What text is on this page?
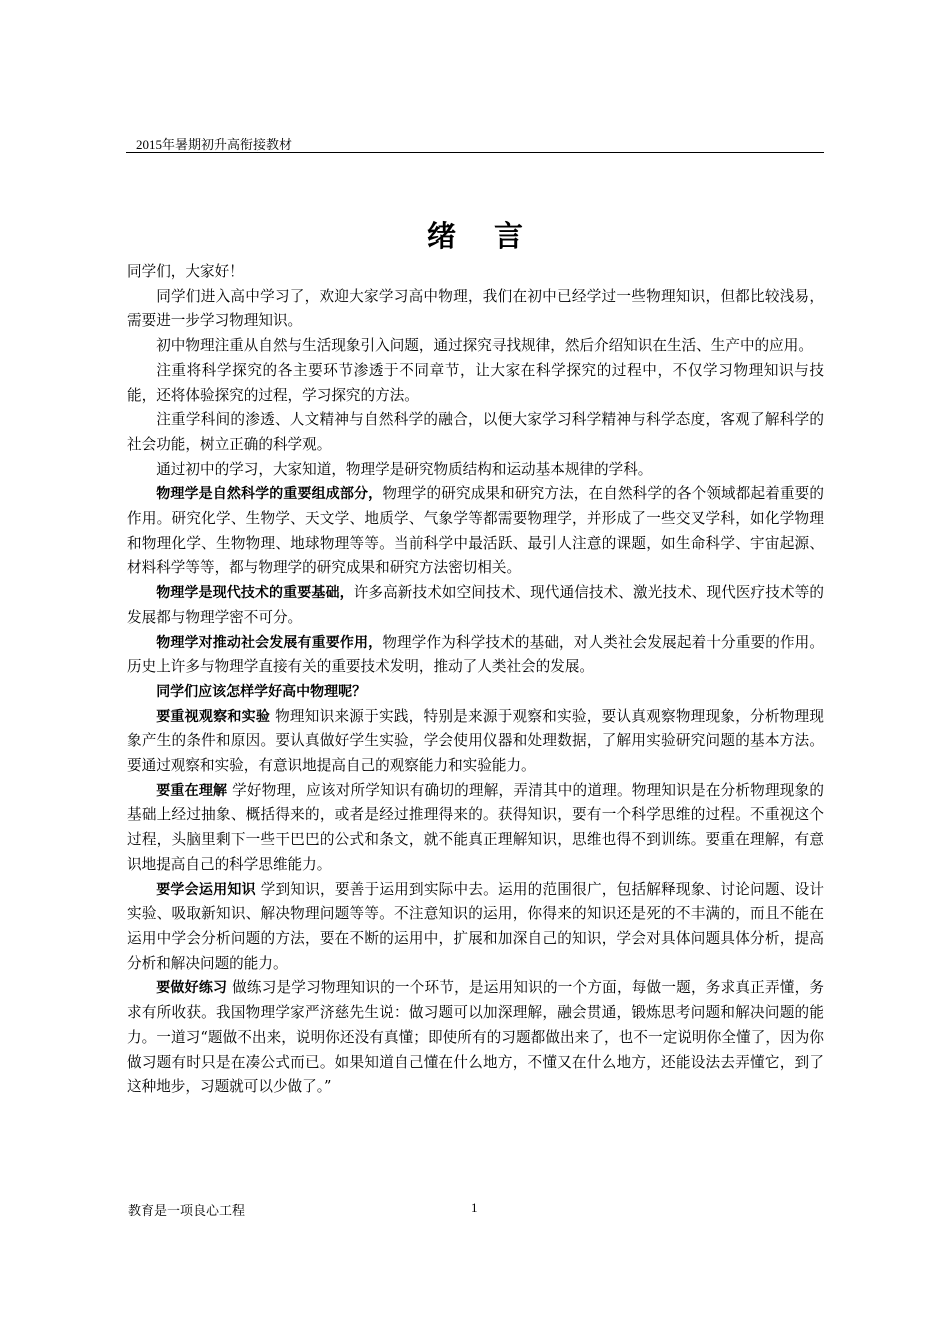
2015年暑期初升高衔接教材
绪言

同学们，大家好！

同学们进入高中学习了，欢迎大家学习高中物理，我们在初中已经学过一些物理知识，但都比较浅易，需要进一步学习物理知识。

初中物理注重从自然与生活现象引入问题，通过探究寻找规律，然后介绍知识在生活、生产中的应用。

注重将科学探究的各主要环节渗透于不同章节，让大家在科学探究的过程中，不仅学习物理知识与技能，还将体验探究的过程，学习探究的方法。

注重学科间的渗透、人文精神与自然科学的融合，以便大家学习科学精神与科学态度，客观了解科学的社会功能，树立正确的科学观。

通过初中的学习，大家知道，物理学是研究物质结构和运动基本规律的学科。

物理学是自然科学的重要组成部分，物理学的研究成果和研究方法，在自然科学的各个领域都起着重要的作用。研究化学、生物学、天文学、地质学、气象学等都需要物理学，并形成了一些交叉学科，如化学物理和物理化学、生物物理、地球物理等等。当前科学中最活跃、最引人注意的课题，如生命科学、宇宙起源、材料科学等等，都与物理学的研究成果和研究方法密切相关。

物理学是现代技术的重要基础，许多高新技术如空间技术、现代通信技术、激光技术、现代医疗技术等的发展都与物理学密不可分。

物理学对推动社会发展有重要作用，物理学作为科学技术的基础，对人类社会发展起着十分重要的作用。历史上许多与物理学直接有关的重要技术发明，推动了人类社会的发展。

同学们应该怎样学好高中物理呢？

要重视观察和实验 物理知识来源于实践，特别是来源于观察和实验，要认真观察物理现象，分析物理现象产生的条件和原因。要认真做好学生实验，学会使用仪器和处理数据，了解用实验研究问题的基本方法。要通过观察和实验，有意识地提高自己的观察能力和实验能力。

要重在理解 学好物理，应该对所学知识有确切的理解，弄清其中的道理。物理知识是在分析物理现象的基础上经过抽象、概括得来的，或者是经过推理得来的。获得知识，要有一个科学思维的过程。不重视这个过程，头脑里剩下一些干巴巴的公式和条文，就不能真正理解知识，思维也得不到训练。要重在理解，有意识地提高自己的科学思维能力。

要学会运用知识 学到知识，要善于运用到实际中去。运用的范围很广，包括解释现象、讨论问题、设计实验、吸取新知识、解决物理问题等等。不注意知识的运用，你得来的知识还是死的不丰满的，而且不能在运用中学会分析问题的方法，要在不断的运用中，扩展和加深自己的知识，学会对具体问题具体分析，提高分析和解决问题的能力。

要做好练习 做练习是学习物理知识的一个环节，是运用知识的一个方面，每做一题，务求真正弄懂，务求有所收获。我国物理学家严济慈先生说：做习题可以加深理解，融会贯通，锻炼思考问题和解决问题的能力。一道习“题做不出来，说明你还没有真懂；即使所有的习题都做出来了，也不一定说明你全懂了，因为你做习题有时只是在凑公式而已。如果知道自己懂在什么地方，不懂又在什么地方，还能设法去弄懂它，到了这种地步，习题就可以少做了。”

教育是一项良心工程	1
